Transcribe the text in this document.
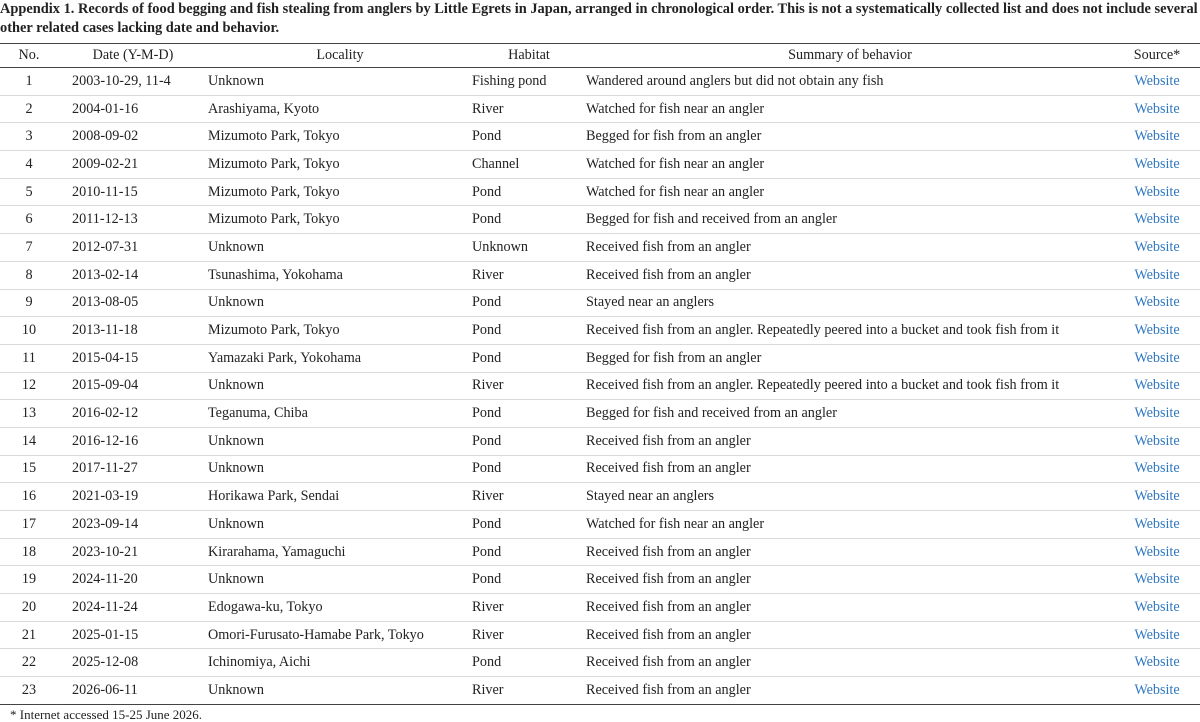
Appendix 1. Records of food begging and fish stealing from anglers by Little Egrets in Japan, arranged in chronological order. This is not a systematically collected list and does not include several other related cases lacking date and behavior.
No.	Date (Y-M-D)	Locality	Habitat	Summary of behavior	Source*
1	2003-10-29, 11-4	Unknown	Fishing pond	Wandered around anglers but did not obtain any fish	Website
2	2004-01-16	Arashiyama, Kyoto	River	Watched for fish near an angler	Website
3	2008-09-02	Mizumoto Park, Tokyo	Pond	Begged for fish from an angler	Website
4	2009-02-21	Mizumoto Park, Tokyo	Channel	Watched for fish near an angler	Website
5	2010-11-15	Mizumoto Park, Tokyo	Pond	Watched for fish near an angler	Website
6	2011-12-13	Mizumoto Park, Tokyo	Pond	Begged for fish and received from an angler	Website
7	2012-07-31	Unknown	Unknown	Received fish from an angler	Website
8	2013-02-14	Tsunashima, Yokohama	River	Received fish from an angler	Website
9	2013-08-05	Unknown	Pond	Stayed near an anglers	Website
10	2013-11-18	Mizumoto Park, Tokyo	Pond	Received fish from an angler. Repeatedly peered into a bucket and took fish from it	Website
11	2015-04-15	Yamazaki Park, Yokohama	Pond	Begged for fish from an angler	Website
12	2015-09-04	Unknown	River	Received fish from an angler. Repeatedly peered into a bucket and took fish from it	Website
13	2016-02-12	Teganuma, Chiba	Pond	Begged for fish and received from an angler	Website
14	2016-12-16	Unknown	Pond	Received fish from an angler	Website
15	2017-11-27	Unknown	Pond	Received fish from an angler	Website
16	2021-03-19	Horikawa Park, Sendai	River	Stayed near an anglers	Website
17	2023-09-14	Unknown	Pond	Watched for fish near an angler	Website
18	2023-10-21	Kirarahama, Yamaguchi	Pond	Received fish from an angler	Website
19	2024-11-20	Unknown	Pond	Received fish from an angler	Website
20	2024-11-24	Edogawa-ku, Tokyo	River	Received fish from an angler	Website
21	2025-01-15	Omori-Furusato-Hamabe Park, Tokyo	River	Received fish from an angler	Website
22	2025-12-08	Ichinomiya, Aichi	Pond	Received fish from an angler	Website
23	2026-06-11	Unknown	River	Received fish from an angler	Website
* Internet accessed 15-25 June 2026.
